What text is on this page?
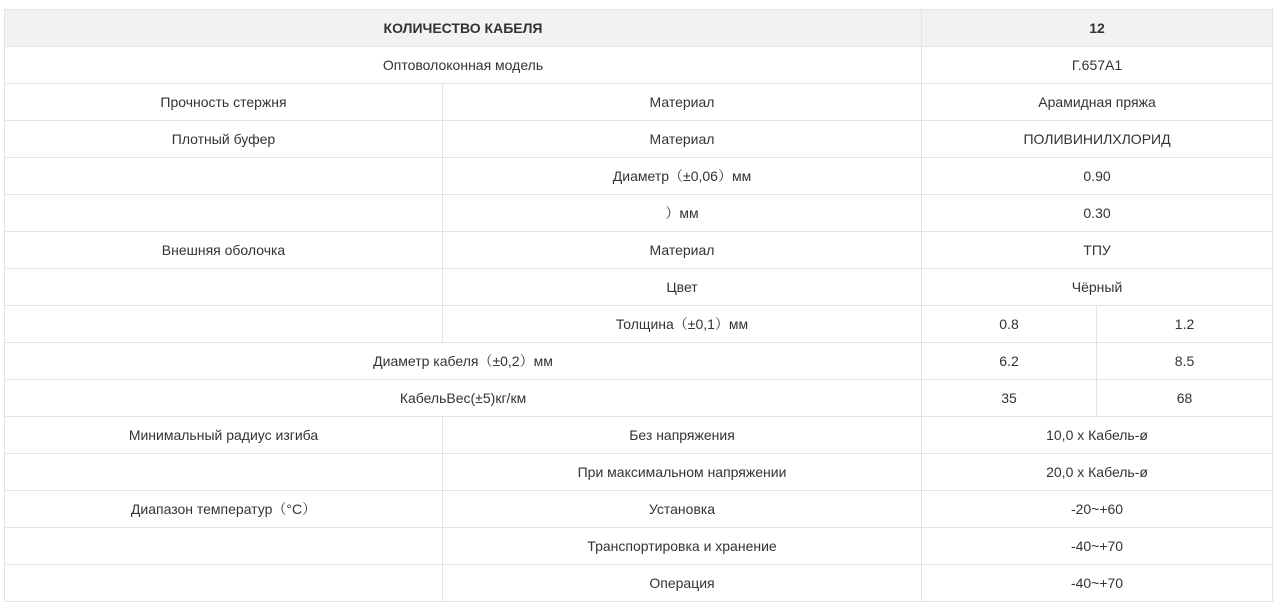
КОЛИЧЕСТВО КАБЕЛЯ		12	
Оптоволоконная модель		Г.657А1	
Прочность стержня	Материал	Арамидная пряжа	
Плотный буфер	Материал	ПОЛИВИНИЛХЛОРИД	
	Диаметр（±0,06）мм	0.90	
	）мм	0.30	
Внешняя оболочка	Материал	ТПУ	
	Цвет	Чёрный	
	Толщина（±0,1）мм	0.8	1.2
Диаметр кабеля（±0,2）мм		6.2	8.5
КабельВес(±5)кг/км		35	68
Минимальный радиус изгиба	Без напряжения	10,0 x Кабель-ø	
	При максимальном напряжении	20,0 x Кабель-ø	
Диапазон температур（°C）	Установка	-20~+60	
	Транспортировка и хранение	-40~+70	
	Операция	-40~+70	
